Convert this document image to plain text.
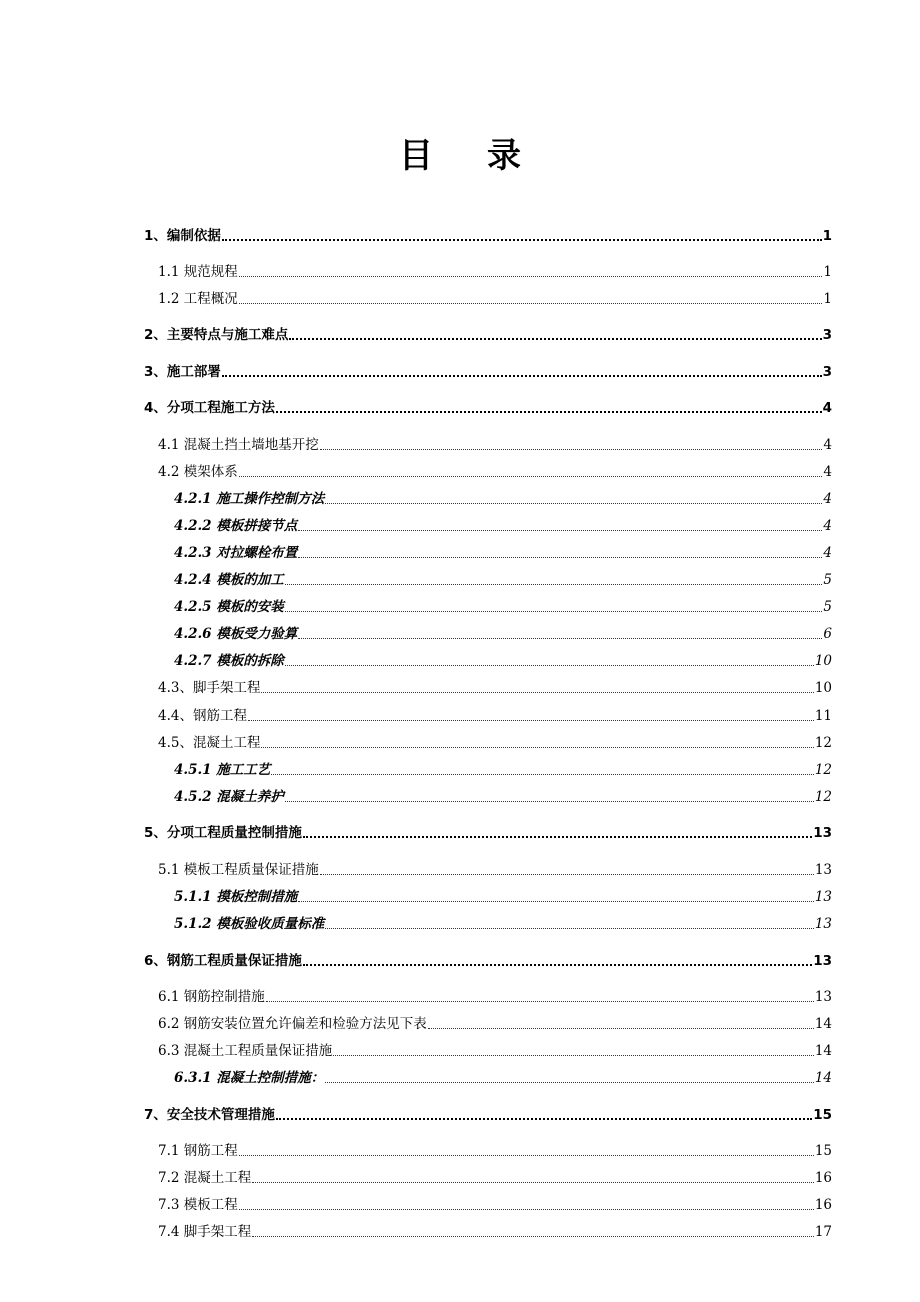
目 录
1、编制依据	1
1.1 规范规程	1
1.2 工程概况	1
2、主要特点与施工难点	3
3、施工部署	3
4、分项工程施工方法	4
4.1 混凝土挡土墙地基开挖	4
4.2 模架体系	4
4.2.1 施工操作控制方法	4
4.2.2 模板拼接节点	4
4.2.3 对拉螺栓布置	4
4.2.4 模板的加工	5
4.2.5 模板的安装	5
4.2.6 模板受力验算	6
4.2.7 模板的拆除	10
4.3、脚手架工程	10
4.4、钢筋工程	11
4.5、混凝土工程	12
4.5.1 施工工艺	12
4.5.2 混凝土养护	12
5、分项工程质量控制措施	13
5.1 模板工程质量保证措施	13
5.1.1 摸板控制措施	13
5.1.2 模板验收质量标准	13
6、钢筋工程质量保证措施	13
6.1 钢筋控制措施	13
6.2 钢筋安装位置允许偏差和检验方法见下表	14
6.3 混凝土工程质量保证措施	14
6.3.1 混凝土控制措施：	14
7、安全技术管理措施	15
7.1 钢筋工程	15
7.2 混凝土工程	16
7.3 模板工程	16
7.4 脚手架工程	17
